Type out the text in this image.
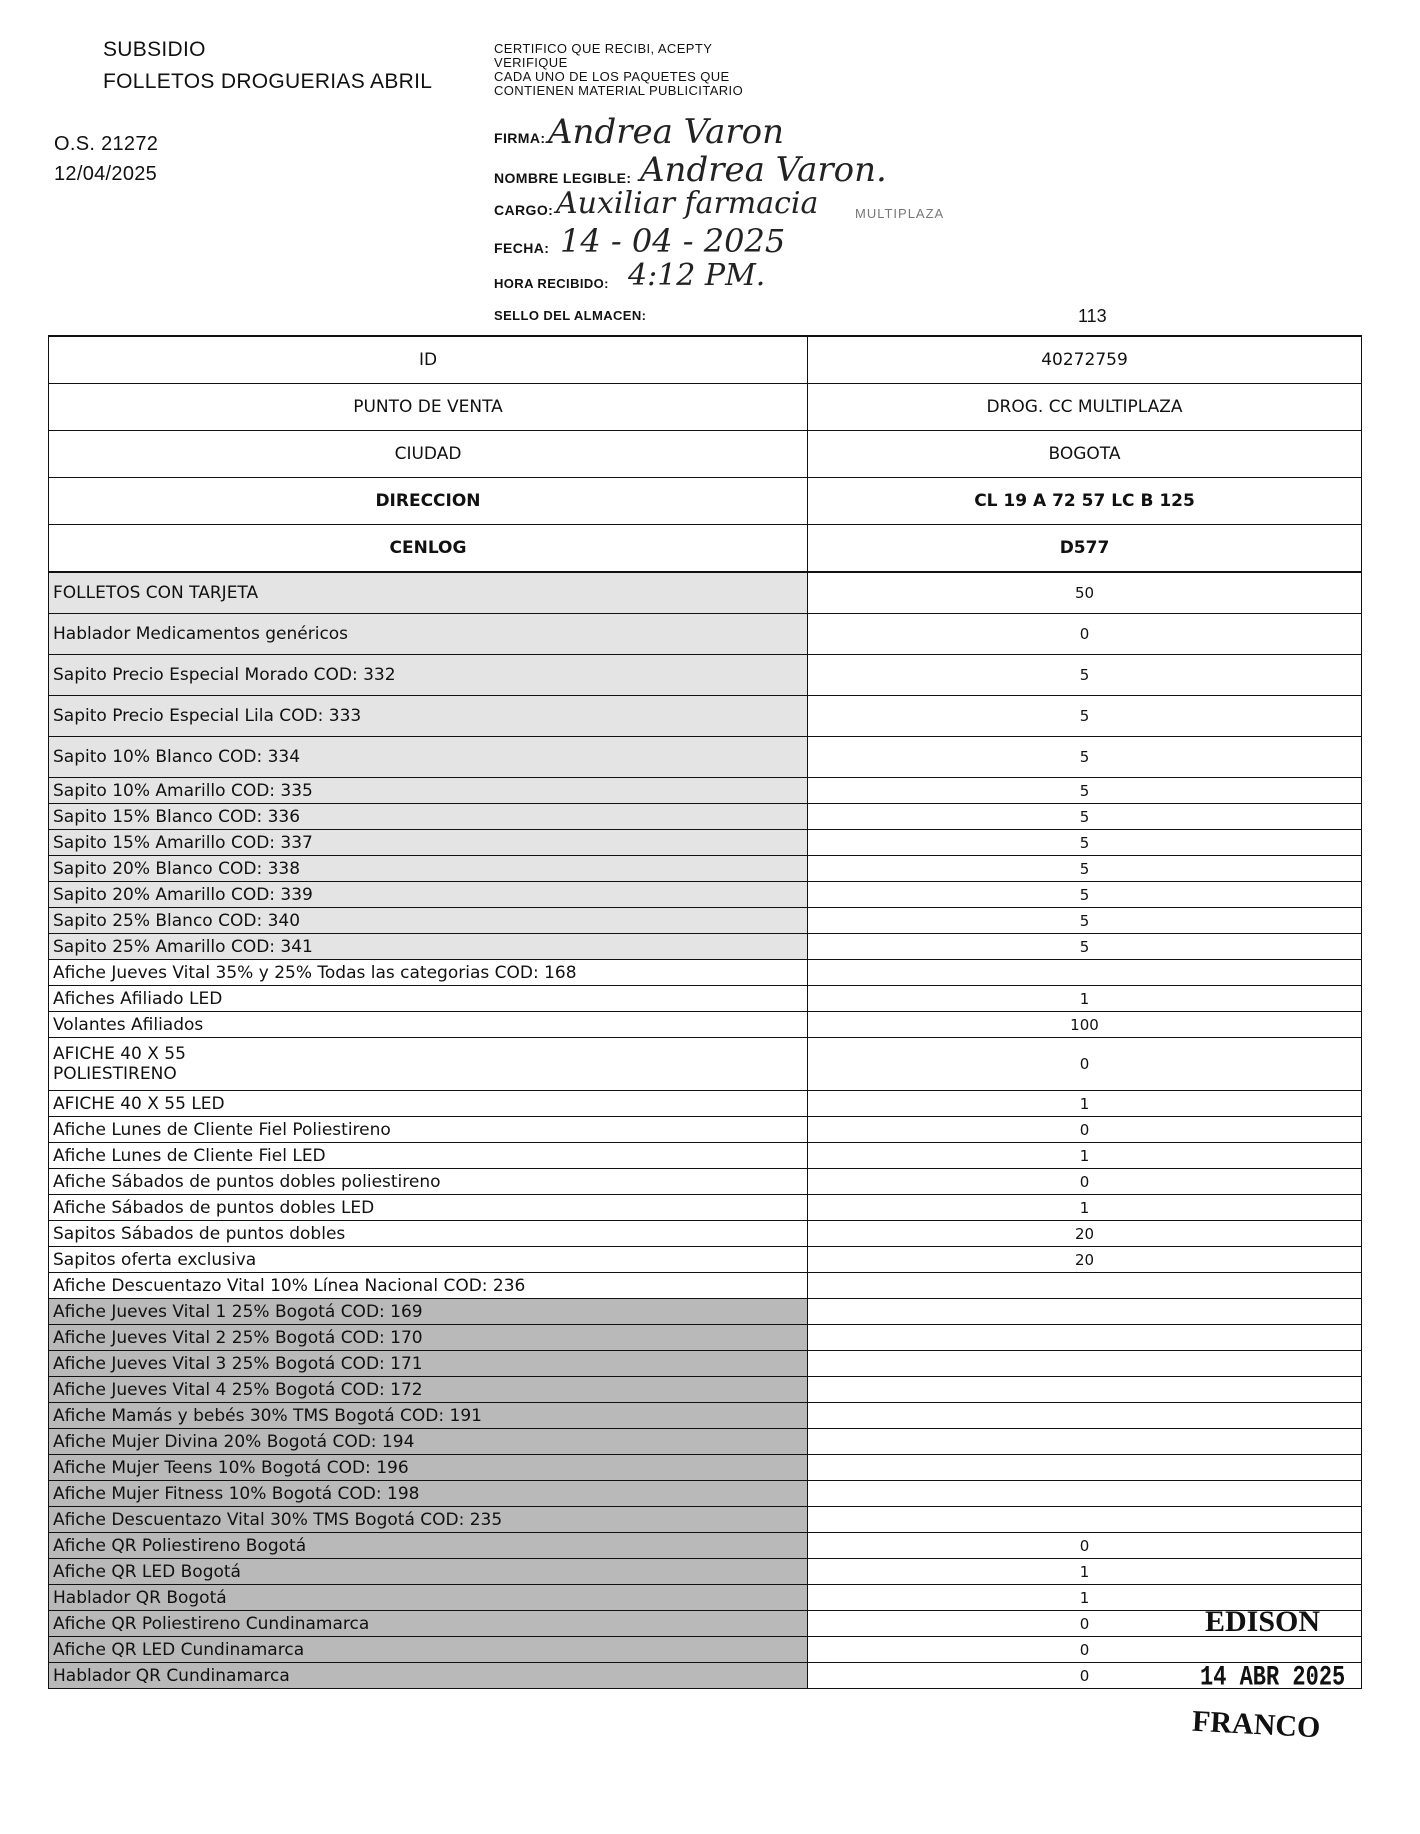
SUBSIDIO
FOLLETOS DROGUERIAS ABRIL
O.S. 21272
12/04/2025
CERTIFICO QUE RECIBI, ACEPTY
VERIFIQUE
CADA UNO DE LOS PAQUETES QUE
CONTIENEN MATERIAL PUBLICITARIO
FIRMA: Andrea Varon
NOMBRE LEGIBLE: Andrea Varon.
CARGO: Auxiliar farmacia	MULTIPLAZA
FECHA: 14 - 04 - 2025
HORA RECIBIDO: 4:12 PM.
SELLO DEL ALMACEN:	113
ID	40272759
PUNTO DE VENTA	DROG. CC MULTIPLAZA
CIUDAD	BOGOTA
DIRECCION	CL 19 A 72 57 LC B 125
CENLOG	D577
FOLLETOS CON TARJETA	50
Hablador Medicamentos genéricos	0
Sapito Precio Especial Morado COD: 332	5
Sapito Precio Especial Lila COD: 333	5
Sapito 10% Blanco COD: 334	5
Sapito 10% Amarillo COD: 335	5
Sapito 15% Blanco COD: 336	5
Sapito 15% Amarillo COD: 337	5
Sapito 20% Blanco COD: 338	5
Sapito 20% Amarillo COD: 339	5
Sapito 25% Blanco COD: 340	5
Sapito 25% Amarillo COD: 341	5
Afiche Jueves Vital 35% y 25% Todas las categorias COD: 168	
Afiches Afiliado LED	1
Volantes Afiliados	100
AFICHE 40 X 55
POLIESTIRENO	0
AFICHE 40 X 55 LED	1
Afiche Lunes de Cliente Fiel Poliestireno	0
Afiche Lunes de Cliente Fiel LED	1
Afiche Sábados de puntos dobles poliestireno	0
Afiche Sábados de puntos dobles LED	1
Sapitos Sábados de puntos dobles	20
Sapitos oferta exclusiva	20
Afiche Descuentazo Vital 10% Línea Nacional COD: 236	
Afiche Jueves Vital 1 25% Bogotá COD: 169	
Afiche Jueves Vital 2 25% Bogotá COD: 170	
Afiche Jueves Vital 3 25% Bogotá COD: 171	
Afiche Jueves Vital 4 25% Bogotá COD: 172	
Afiche Mamás y bebés 30% TMS Bogotá COD: 191	
Afiche Mujer Divina 20% Bogotá COD: 194	
Afiche Mujer Teens 10% Bogotá COD: 196	
Afiche Mujer Fitness 10% Bogotá COD: 198	
Afiche Descuentazo Vital 30% TMS Bogotá COD: 235	
Afiche QR Poliestireno Bogotá	0
Afiche QR LED Bogotá	1
Hablador QR Bogotá	1
Afiche QR Poliestireno Cundinamarca	0
Afiche QR LED Cundinamarca	0
Hablador QR Cundinamarca	0
EDISON
14 ABR 2025
FRANCO
